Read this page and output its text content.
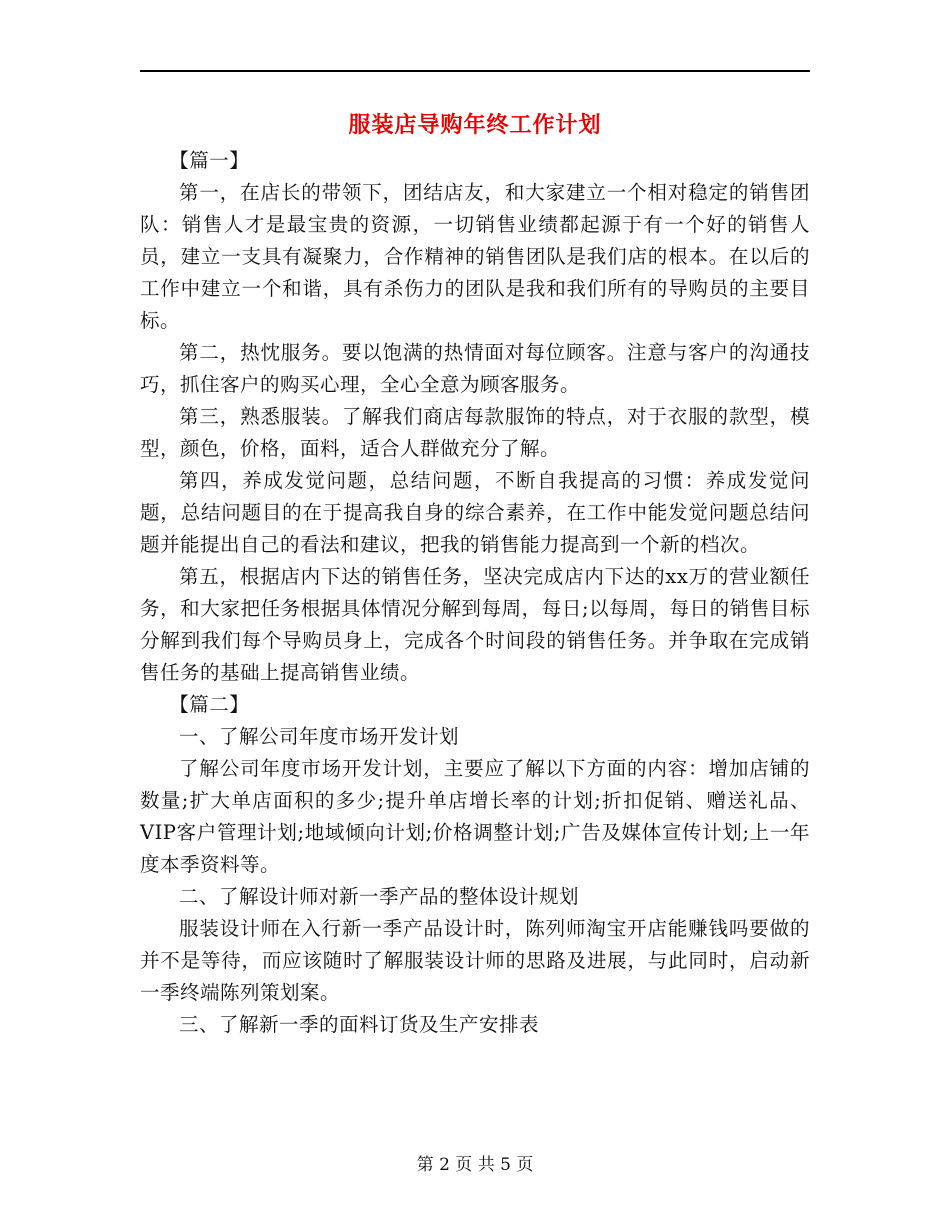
服装店导购年终工作计划

【篇一】

第一，在店长的带领下，团结店友，和大家建立一个相对稳定的销售团队：销售人才是最宝贵的资源，一切销售业绩都起源于有一个好的销售人员，建立一支具有凝聚力，合作精神的销售团队是我们店的根本。在以后的工作中建立一个和谐，具有杀伤力的团队是我和我们所有的导购员的主要目标。

第二，热忱服务。要以饱满的热情面对每位顾客。注意与客户的沟通技巧，抓住客户的购买心理，全心全意为顾客服务。

第三，熟悉服装。了解我们商店每款服饰的特点，对于衣服的款型，模型，颜色，价格，面料，适合人群做充分了解。

第四，养成发觉问题，总结问题，不断自我提高的习惯：养成发觉问题，总结问题目的在于提高我自身的综合素养，在工作中能发觉问题总结问题并能提出自己的看法和建议，把我的销售能力提高到一个新的档次。

第五，根据店内下达的销售任务，坚决完成店内下达的xx万的营业额任务，和大家把任务根据具体情况分解到每周，每日;以每周，每日的销售目标分解到我们每个导购员身上，完成各个时间段的销售任务。并争取在完成销售任务的基础上提高销售业绩。

【篇二】

一、了解公司年度市场开发计划

了解公司年度市场开发计划，主要应了解以下方面的内容：增加店铺的数量;扩大单店面积的多少;提升单店增长率的计划;折扣促销、赠送礼品、VIP客户管理计划;地域倾向计划;价格调整计划;广告及媒体宣传计划;上一年度本季资料等。

二、了解设计师对新一季产品的整体设计规划

服装设计师在入行新一季产品设计时，陈列师淘宝开店能赚钱吗要做的并不是等待，而应该随时了解服装设计师的思路及进展，与此同时，启动新一季终端陈列策划案。

三、了解新一季的面料订货及生产安排表

第 2 页 共 5 页
